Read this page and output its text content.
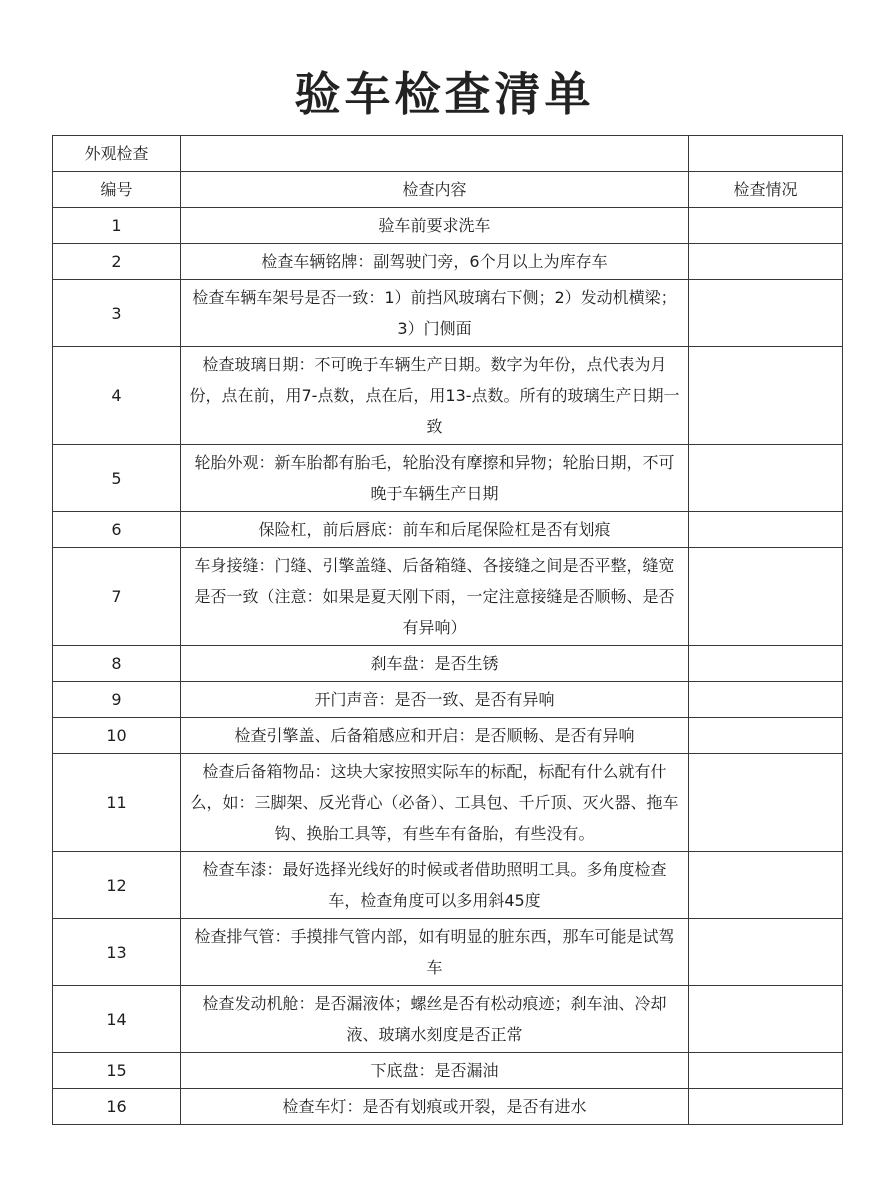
验车检查清单
外观检查		
编号	检查内容	检查情况
1	验车前要求洗车	
2	检查车辆铭牌：副驾驶门旁，6个月以上为库存车	
3	检查车辆车架号是否一致：1）前挡风玻璃右下侧；2）发动机横梁；3）门侧面	
4	检查玻璃日期：不可晚于车辆生产日期。数字为年份，点代表为月份，点在前，用7-点数，点在后，用13-点数。所有的玻璃生产日期一致	
5	轮胎外观：新车胎都有胎毛，轮胎没有摩擦和异物；轮胎日期，不可晚于车辆生产日期	
6	保险杠，前后唇底：前车和后尾保险杠是否有划痕	
7	车身接缝：门缝、引擎盖缝、后备箱缝、各接缝之间是否平整，缝宽是否一致（注意：如果是夏天刚下雨，一定注意接缝是否顺畅、是否有异响）	
8	刹车盘：是否生锈	
9	开门声音：是否一致、是否有异响	
10	检查引擎盖、后备箱感应和开启：是否顺畅、是否有异响	
11	检查后备箱物品：这块大家按照实际车的标配，标配有什么就有什么，如：三脚架、反光背心（必备）、工具包、千斤顶、灭火器、拖车钩、换胎工具等，有些车有备胎，有些没有。	
12	检查车漆：最好选择光线好的时候或者借助照明工具。多角度检查车，检查角度可以多用斜45度	
13	检查排气管：手摸排气管内部，如有明显的脏东西，那车可能是试驾车	
14	检查发动机舱：是否漏液体；螺丝是否有松动痕迹；刹车油、冷却液、玻璃水刻度是否正常	
15	下底盘：是否漏油	
16	检查车灯：是否有划痕或开裂，是否有进水	
